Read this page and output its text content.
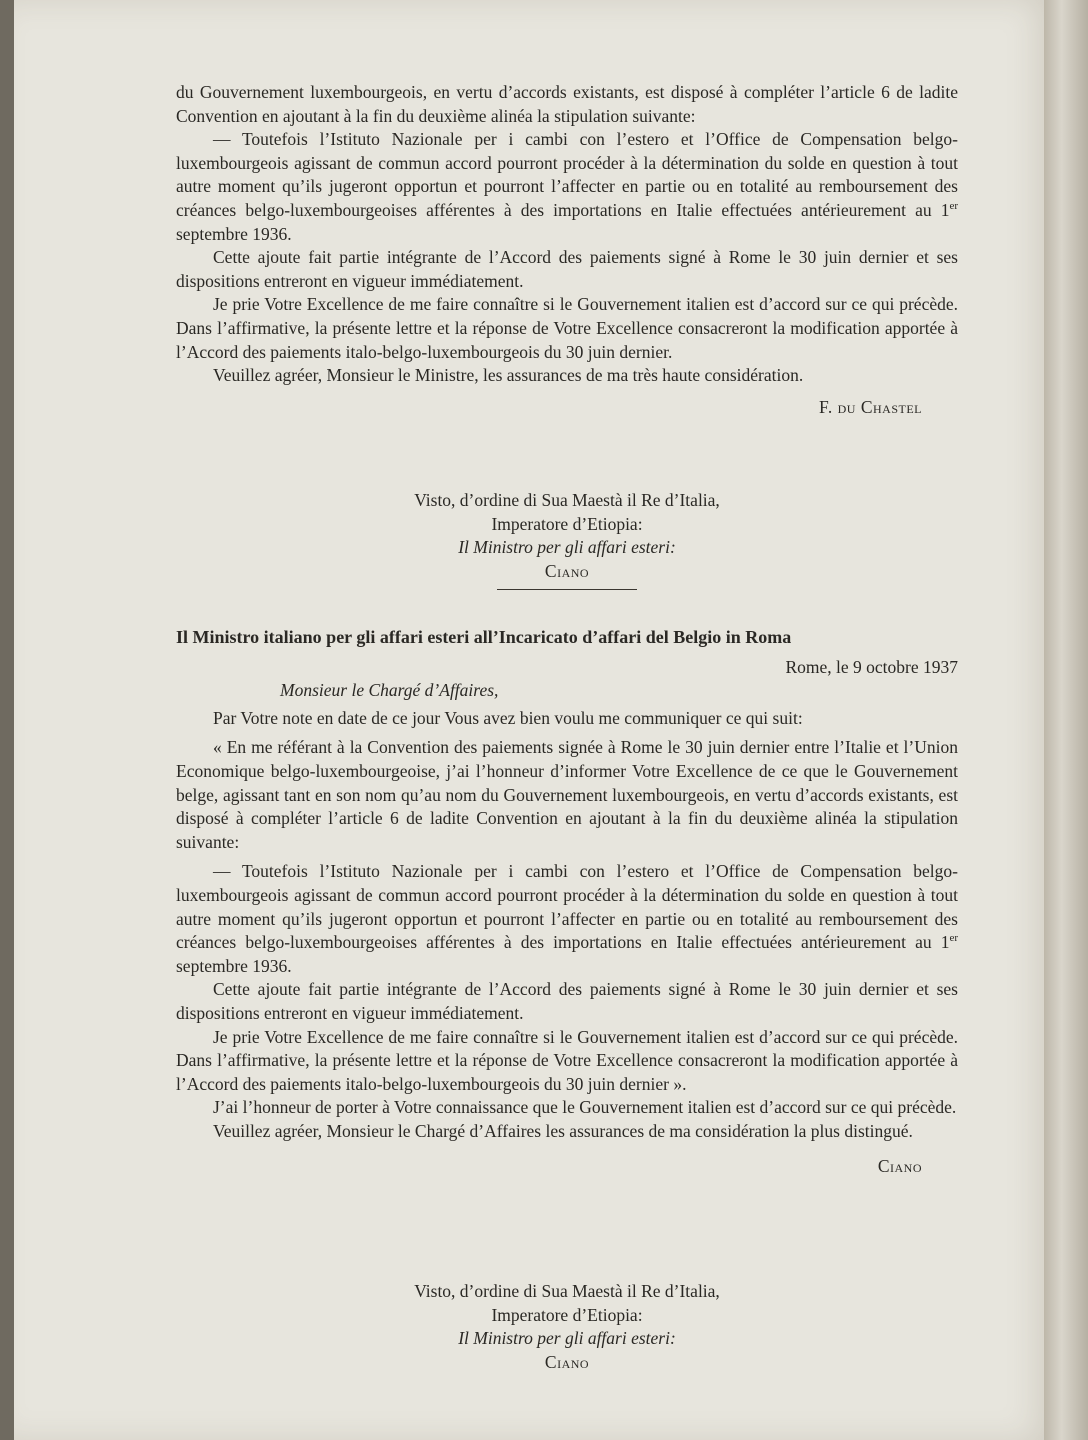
du Gouvernement luxembourgeois, en vertu d’accords existants, est disposé à compléter l’article 6 de ladite Convention en ajoutant à la fin du deuxième alinéa la stipulation suivante:

— Toutefois l’Istituto Nazionale per i cambi con l’estero et l’Office de Compensation belgo-luxembourgeois agissant de commun accord pourront procéder à la détermination du solde en question à tout autre moment qu’ils jugeront opportun et pourront l’affecter en partie ou en totalité au remboursement des créances belgo-luxembourgeoises afférentes à des importations en Italie effectuées antérieurement au 1er septembre 1936.

Cette ajoute fait partie intégrante de l’Accord des paiements signé à Rome le 30 juin dernier et ses dispositions entreront en vigueur immédiatement.

Je prie Votre Excellence de me faire connaître si le Gouvernement italien est d’accord sur ce qui précède. Dans l’affirmative, la présente lettre et la réponse de Votre Excellence consacreront la modification apportée à l’Accord des paiements italo-belgo-luxembourgeois du 30 juin dernier.

Veuillez agréer, Monsieur le Ministre, les assurances de ma très haute considération.

F. du Chastel

Visto, d’ordine di Sua Maestà il Re d’Italia,

Imperatore d’Etiopia:

Il Ministro per gli affari esteri:

Ciano

Il Ministro italiano per gli affari esteri all’Incaricato d’affari del Belgio in Roma

Rome, le 9 octobre 1937

Monsieur le Chargé d’Affaires,

Par Votre note en date de ce jour Vous avez bien voulu me communiquer ce qui suit:

« En me référant à la Convention des paiements signée à Rome le 30 juin dernier entre l’Italie et l’Union Economique belgo-luxembourgeoise, j’ai l’honneur d’informer Votre Excellence de ce que le Gouvernement belge, agissant tant en son nom qu’au nom du Gouvernement luxembourgeois, en vertu d’accords existants, est disposé à compléter l’article 6 de ladite Convention en ajoutant à la fin du deuxième alinéa la stipulation suivante:

— Toutefois l’Istituto Nazionale per i cambi con l’estero et l’Office de Compensation belgo-luxembourgeois agissant de commun accord pourront procéder à la détermination du solde en question à tout autre moment qu’ils jugeront opportun et pourront l’affecter en partie ou en totalité au remboursement des créances belgo-luxembourgeoises afférentes à des importations en Italie effectuées antérieurement au 1er septembre 1936.

Cette ajoute fait partie intégrante de l’Accord des paiements signé à Rome le 30 juin dernier et ses dispositions entreront en vigueur immédiatement.

Je prie Votre Excellence de me faire connaître si le Gouvernement italien est d’accord sur ce qui précède. Dans l’affirmative, la présente lettre et la réponse de Votre Excellence consacreront la modification apportée à l’Accord des paiements italo-belgo-luxembourgeois du 30 juin dernier ».

J’ai l’honneur de porter à Votre connaissance que le Gouvernement italien est d’accord sur ce qui précède.

Veuillez agréer, Monsieur le Chargé d’Affaires les assurances de ma considération la plus distingué.

Ciano

Visto, d’ordine di Sua Maestà il Re d’Italia,

Imperatore d’Etiopia:

Il Ministro per gli affari esteri:

Ciano
